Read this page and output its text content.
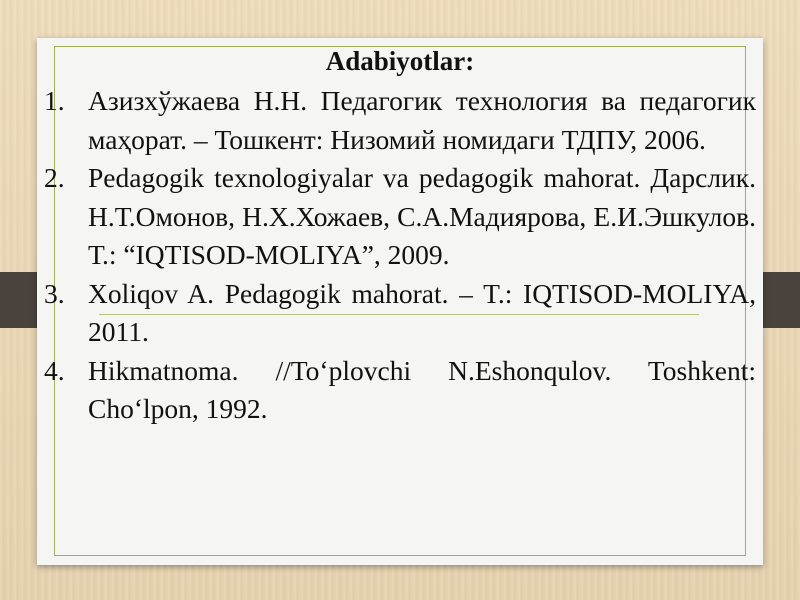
Adabiyotlar:
1. Азизхўжаева Н.Н. Педагогик технология ва педагогик маҳорат. – Тошкент: Низомий номидаги ТДПУ, 2006.
2. Pedagogik texnologiyalar va pedagogik mahorat. Дарслик. Н.Т.Омонов, Н.Х.Хожаев, С.А.Мадиярова, Е.И.Эшкулов. Т.: “IQTISOD-MOLIYA”, 2009.
3. Xoliqov A. Pedagogik mahorat. – T.: IQTISOD-MOLIYA, 2011.
4. Hikmatnoma. //To‘plovchi N.Eshonqulov. Toshkent: Cho‘lpon, 1992.
